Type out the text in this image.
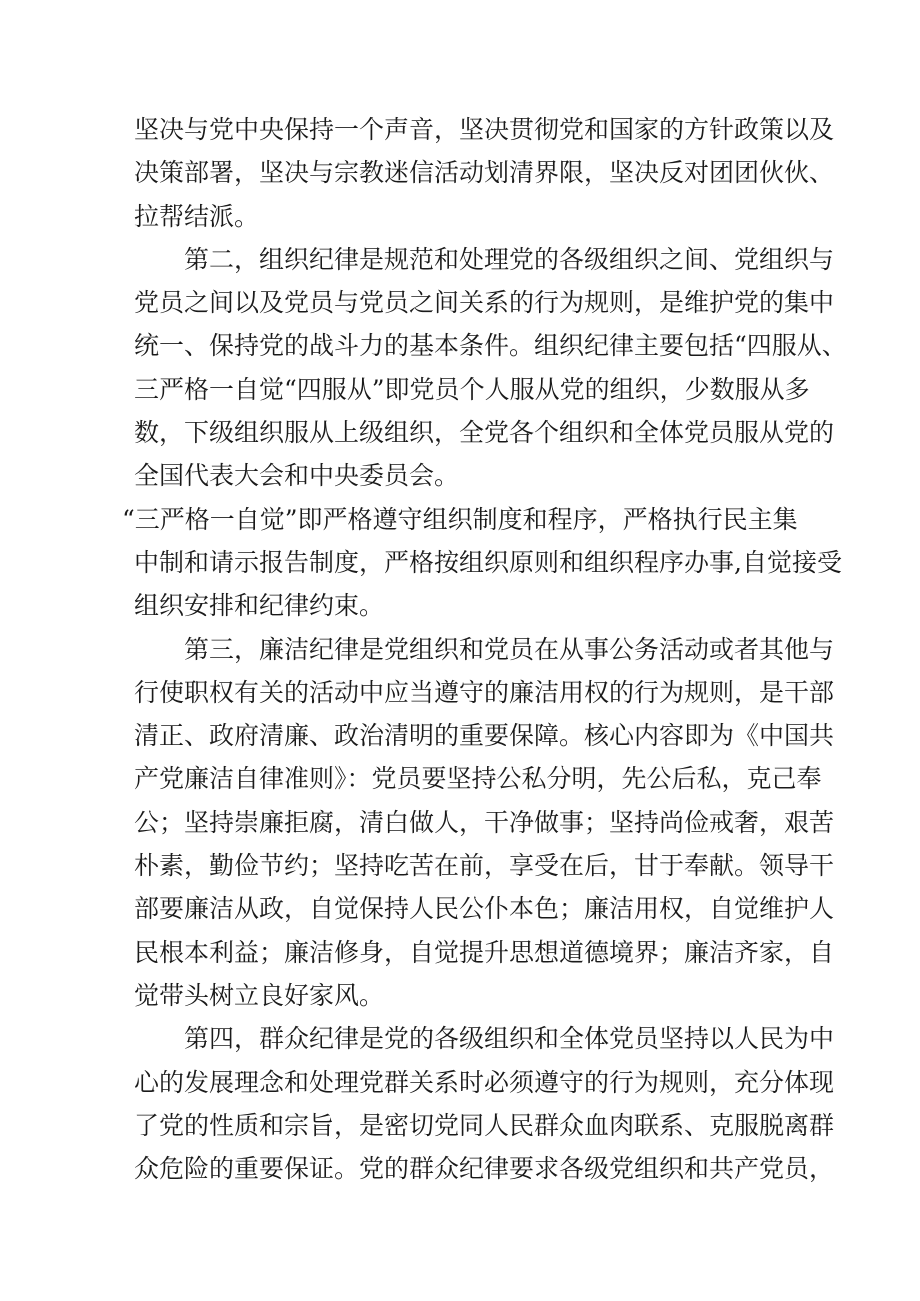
坚决与党中央保持一个声音，坚决贯彻党和国家的方针政策以及
决策部署，坚决与宗教迷信活动划清界限，坚决反对团团伙伙、
拉帮结派。
第二，组织纪律是规范和处理党的各级组织之间、党组织与
党员之间以及党员与党员之间关系的行为规则，是维护党的集中
统一、保持党的战斗力的基本条件。组织纪律主要包括“四服从、
三严格一自觉“四服从”即党员个人服从党的组织，少数服从多
数，下级组织服从上级组织，全党各个组织和全体党员服从党的
全国代表大会和中央委员会。
“三严格一自觉”即严格遵守组织制度和程序，严格执行民主集
中制和请示报告制度，严格按组织原则和组织程序办事,自觉接受
组织安排和纪律约束。
第三，廉洁纪律是党组织和党员在从事公务活动或者其他与
行使职权有关的活动中应当遵守的廉洁用权的行为规则，是干部
清正、政府清廉、政治清明的重要保障。核心内容即为《中国共
产党廉洁自律准则》：党员要坚持公私分明，先公后私，克己奉
公；坚持崇廉拒腐，清白做人，干净做事；坚持尚俭戒奢，艰苦
朴素，勤俭节约；坚持吃苦在前，享受在后，甘于奉献。领导干
部要廉洁从政，自觉保持人民公仆本色；廉洁用权，自觉维护人
民根本利益；廉洁修身，自觉提升思想道德境界；廉洁齐家，自
觉带头树立良好家风。
第四，群众纪律是党的各级组织和全体党员坚持以人民为中
心的发展理念和处理党群关系时必须遵守的行为规则，充分体现
了党的性质和宗旨，是密切党同人民群众血肉联系、克服脱离群
众危险的重要保证。党的群众纪律要求各级党组织和共产党员，
